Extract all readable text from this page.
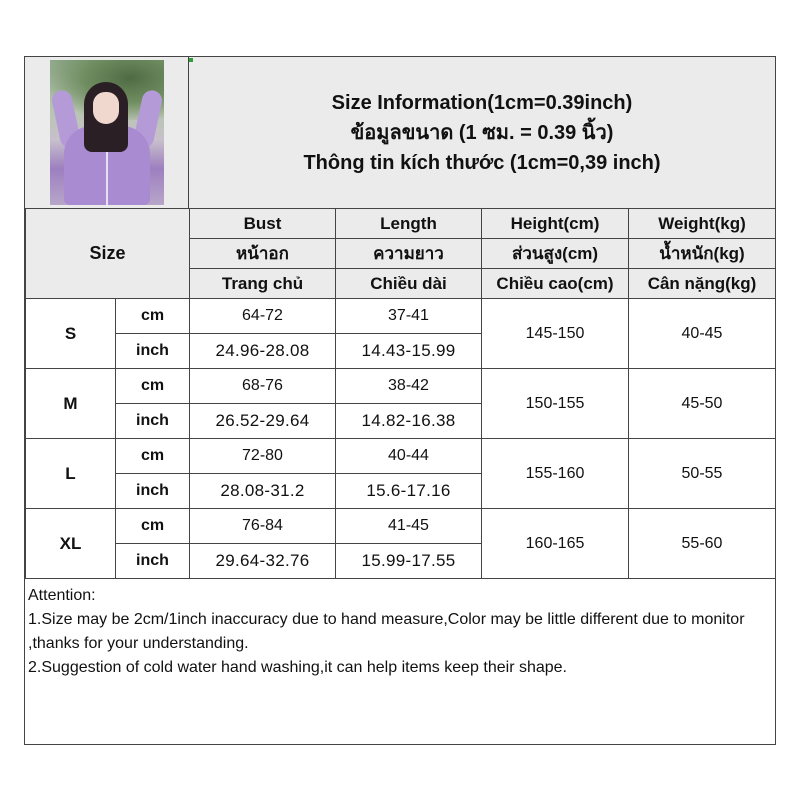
Size Information(1cm=0.39inch)
ข้อมูลขนาด (1 ซม. = 0.39 นิ้ว)
Thông tin kích thước (1cm=0,39 inch)
Size		Bust	Length	Height(cm)	Weight(kg)
		หน้าอก	ความยาว	ส่วนสูง(cm)	น้ำหนัก(kg)
		Trang chủ	Chiều dài	Chiều cao(cm)	Cân nặng(kg)
S	cm	64-72	37-41	145-150	40-45
	inch	24.96-28.08	14.43-15.99		
M	cm	68-76	38-42	150-155	45-50
	inch	26.52-29.64	14.82-16.38		
L	cm	72-80	40-44	155-160	50-55
	inch	28.08-31.2	15.6-17.16		
XL	cm	76-84	41-45	160-165	55-60
	inch	29.64-32.76	15.99-17.55		
Attention:
1.Size may be 2cm/1inch inaccuracy due to hand measure,Color may be little different due to monitor ,thanks for your understanding.
2.Suggestion of cold water hand washing,it can help items keep their shape.
